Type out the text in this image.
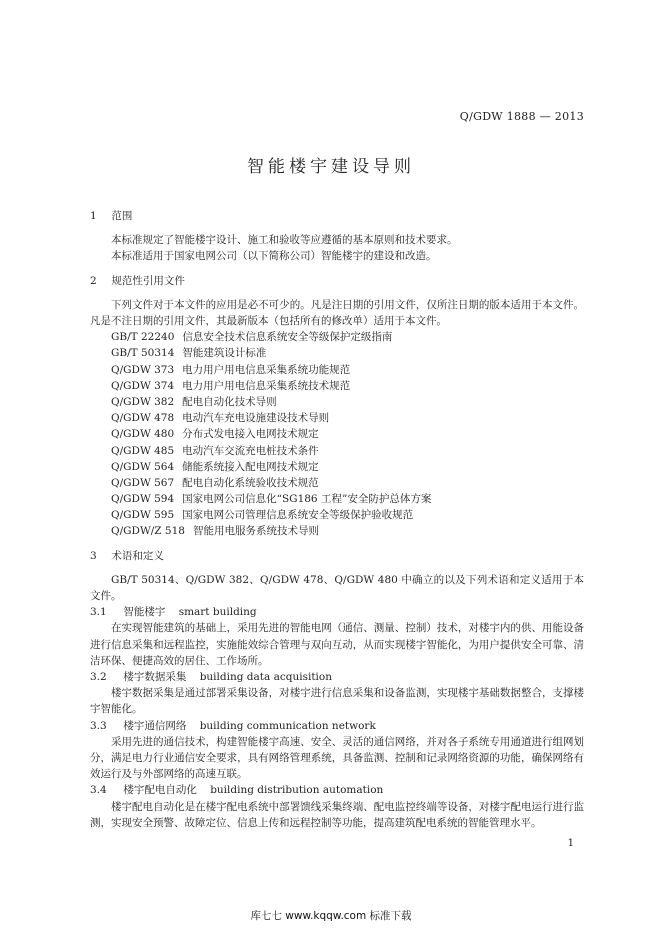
Q/GDW 1888 — 2013
智能楼宇建设导则
1 范围

本标准规定了智能楼宇设计、施工和验收等应遵循的基本原则和技术要求。

本标准适用于国家电网公司（以下简称公司）智能楼宇的建设和改造。

2 规范性引用文件

下列文件对于本文件的应用是必不可少的。凡是注日期的引用文件，仅所注日期的版本适用于本文件。凡是不注日期的引用文件，其最新版本（包括所有的修改单）适用于本文件。

GB/T 22240 信息安全技术信息系统安全等级保护定级指南
GB/T 50314 智能建筑设计标准
Q/GDW 373 电力用户用电信息采集系统功能规范
Q/GDW 374 电力用户用电信息采集系统技术规范
Q/GDW 382 配电自动化技术导则
Q/GDW 478 电动汽车充电设施建设技术导则
Q/GDW 480 分布式发电接入电网技术规定
Q/GDW 485 电动汽车交流充电桩技术条件
Q/GDW 564 储能系统接入配电网技术规定
Q/GDW 567 配电自动化系统验收技术规范
Q/GDW 594 国家电网公司信息化“SG186 工程”安全防护总体方案
Q/GDW 595 国家电网公司管理信息系统安全等级保护验收规范
Q/GDW/Z 518 智能用电服务系统技术导则
3 术语和定义

GB/T 50314、Q/GDW 382、Q/GDW 478、Q/GDW 480 中确立的以及下列术语和定义适用于本文件。

3.1 智能楼宇 smart building

在实现智能建筑的基础上，采用先进的智能电网（通信、测量、控制）技术，对楼宇内的供、用能设备进行信息采集和远程监控，实施能效综合管理与双向互动，从而实现楼宇智能化，为用户提供安全可靠、清洁环保、便捷高效的居住、工作场所。

3.2 楼宇数据采集 building data acquisition

楼宇数据采集是通过部署采集设备，对楼宇进行信息采集和设备监测，实现楼宇基础数据整合，支撑楼宇智能化。

3.3 楼宇通信网络 building communication network

采用先进的通信技术，构建智能楼宇高速、安全、灵活的通信网络，并对各子系统专用通道进行组网划分，满足电力行业通信安全要求，具有网络管理系统，具备监测、控制和记录网络资源的功能，确保网络有效运行及与外部网络的高速互联。

3.4 楼宇配电自动化 building distribution automation

楼宇配电自动化是在楼宇配电系统中部署馈线采集终端、配电监控终端等设备，对楼宇配电运行进行监测，实现安全预警、故障定位、信息上传和远程控制等功能，提高建筑配电系统的智能管理水平。

1
库七七 www.kqqw.com 标准下载
